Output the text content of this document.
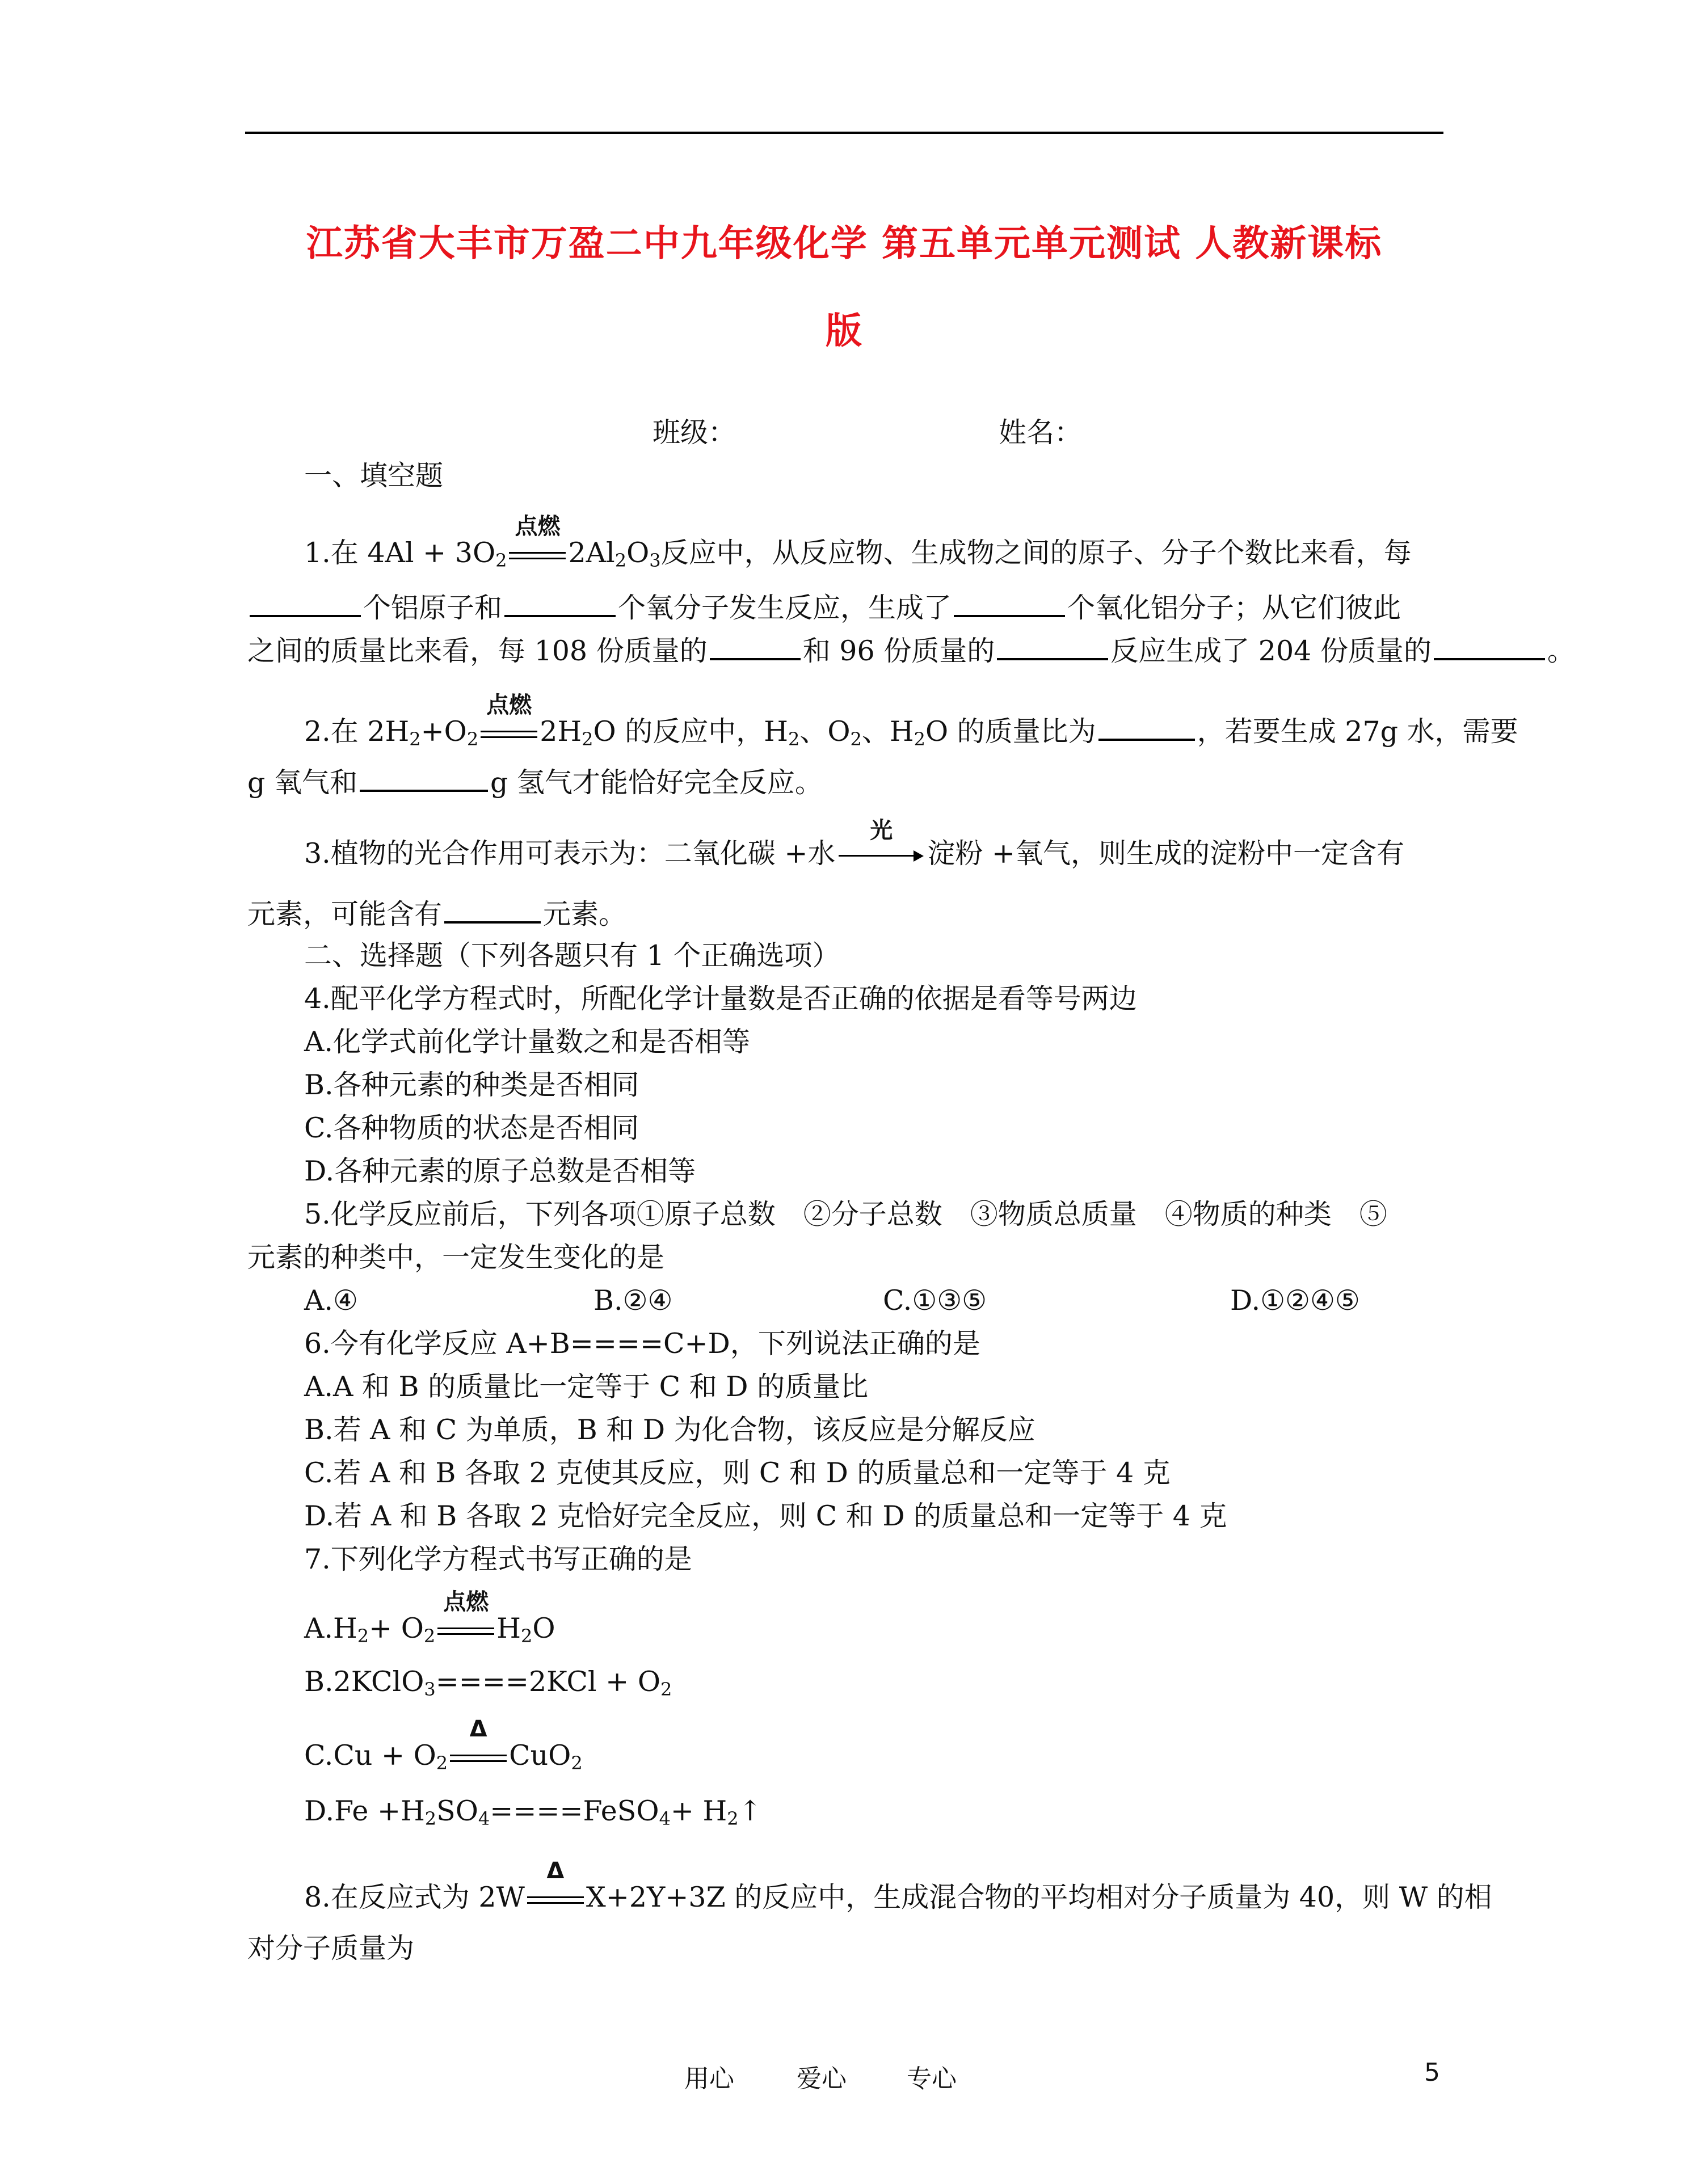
江苏省大丰市万盈二中九年级化学 第五单元单元测试 人教新课标
版
班级：	姓名：
一、填空题
1.在 $4Al + 3O_2$
点燃
$2Al_2O_3$反应中，从反应物、生成物之间的原子、分子个数比来看，每
个铝原子和	个氧分子发生反应，生成了	个氧化铝分子；从它们彼此
之间的质量比来看，每 108 份质量的	和 96 份质量的	反应生成了 204 份质量的	。
2.在 $2H_2+O_2$
点燃
$2H_2O$ 的反应中，$H_2$、$O_2$、$H_2O$ 的质量比为	，若要生成 27g 水，需要
g 氧气和	g 氢气才能恰好完全反应。
3.植物的光合作用可表示为：二氧化碳 +水
光
淀粉 +氧气，则生成的淀粉中一定含有
元素，可能含有	元素。
二、选择题（下列各题只有 1 个正确选项）
4.配平化学方程式时，所配化学计量数是否正确的依据是看等号两边
A.化学式前化学计量数之和是否相等
B.各种元素的种类是否相同
C.各种物质的状态是否相同
D.各种元素的原子总数是否相等
5.化学反应前后，下列各项①原子总数　②分子总数　③物质总质量　④物质的种类　⑤
元素的种类中，一定发生变化的是
A.④	B.②④	C.①③⑤	D.①②④⑤
6.今有化学反应 A+B====C+D，下列说法正确的是
A.A 和 B 的质量比一定等于 C 和 D 的质量比
B.若 A 和 C 为单质，B 和 D 为化合物，该反应是分解反应
C.若 A 和 B 各取 2 克使其反应，则 C 和 D 的质量总和一定等于 4 克
D.若 A 和 B 各取 2 克恰好完全反应，则 C 和 D 的质量总和一定等于 4 克
7.下列化学方程式书写正确的是
$A.H_2+ O_2$
点燃
$H_2O$
B.2KClO$_3$====2KCl + $O_2$
$C.Cu + O_2$
Δ
CuO$_2$
$D.Fe +H_2SO_4====FeSO_4+$ $H_2↑$
8.在反应式为 2W
Δ
X+2Y+3Z 的反应中，生成混合物的平均相对分子质量为 40，则 W 的相
对分子质量为
用心	爱心 专心	5
